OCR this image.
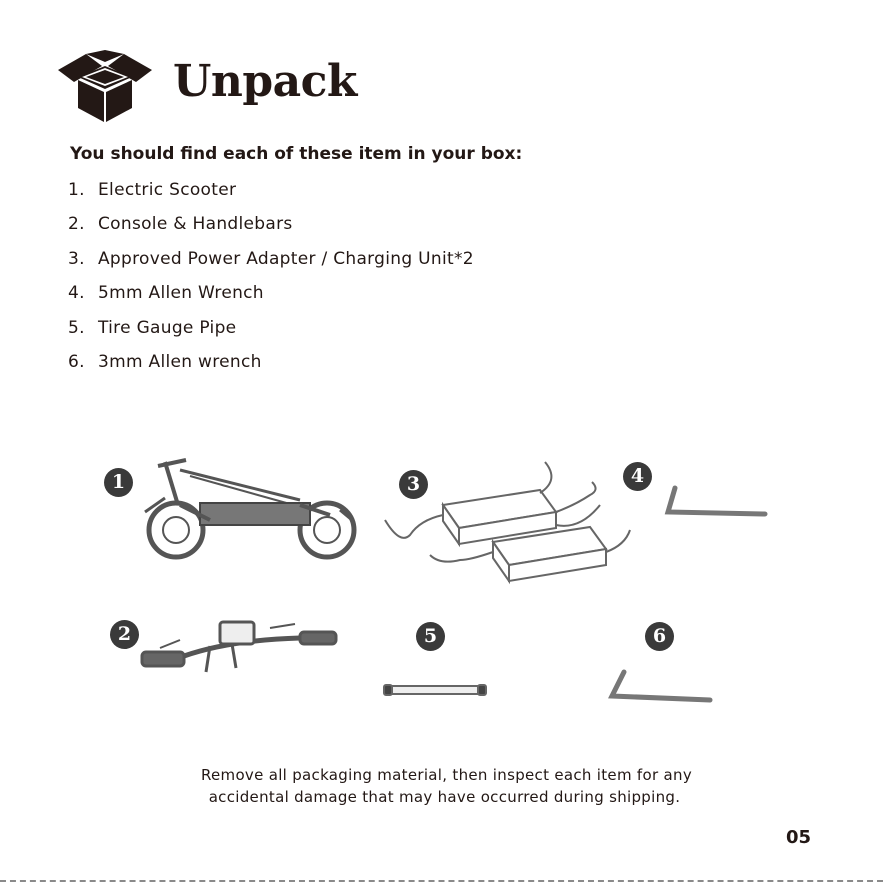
Unpack
You should find each of these item in your box:
1. Electric Scooter
2. Console & Handlebars
3. Approved Power Adapter / Charging Unit*2
4. 5mm Allen Wrench
5. Tire Gauge Pipe
6. 3mm Allen wrench
1	3	4
2	5	6
Remove all packaging material, then inspect each item for any
accidental damage that may have occurred during shipping.
05
